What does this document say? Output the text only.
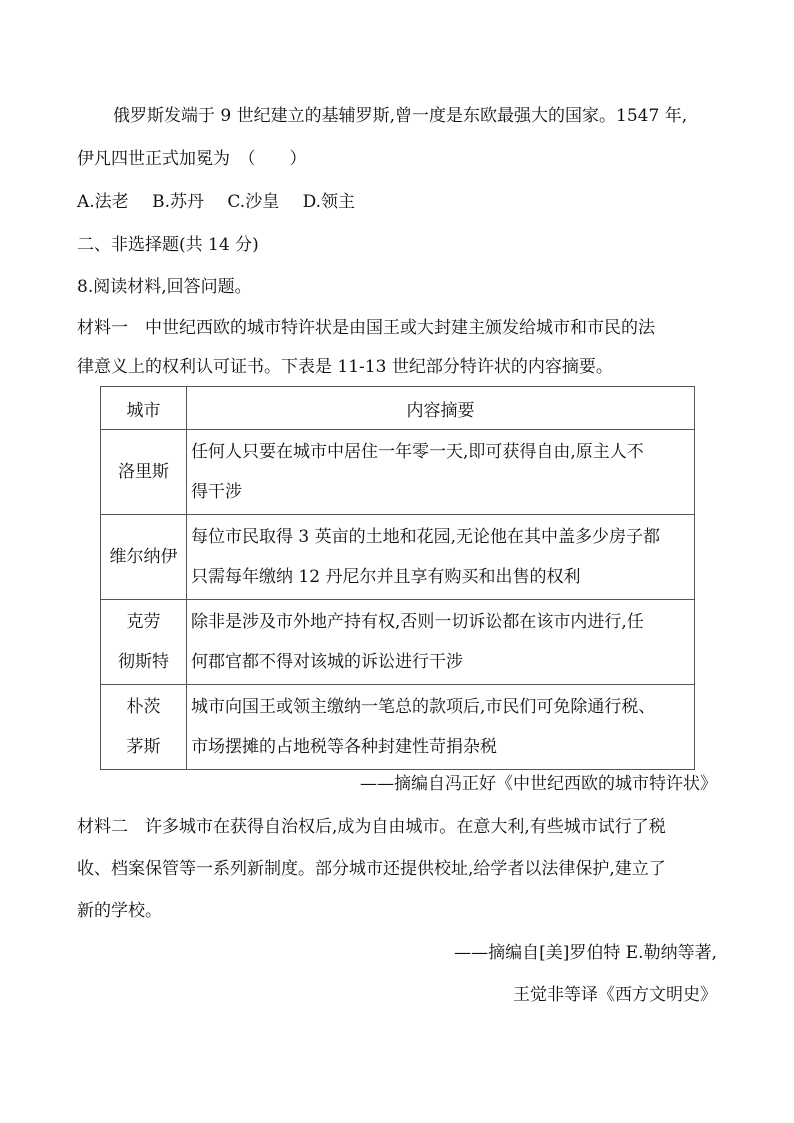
俄罗斯发端于 9 世纪建立的基辅罗斯,曾一度是东欧最强大的国家。1547 年,
伊凡四世正式加冕为　（　　）
A.法老 B.苏丹 C.沙皇 D.领主
二、非选择题(共 14 分)
8.阅读材料,回答问题。
材料一　中世纪西欧的城市特许状是由国王或大封建主颁发给城市和市民的法
律意义上的权利认可证书。下表是 11-13 世纪部分特许状的内容摘要。
城市	内容摘要

洛里斯	任何人只要在城市中居住一年零一天,即可获得自由,原主人不
得干涉

维尔纳伊	每位市民取得 3 英亩的土地和花园,无论他在其中盖多少房子都
只需每年缴纳 12 丹尼尔并且享有购买和出售的权利

克劳
彻斯特	除非是涉及市外地产持有权,否则一切诉讼都在该市内进行,任
何郡官都不得对该城的诉讼进行干涉

朴茨
茅斯	城市向国王或领主缴纳一笔总的款项后,市民们可免除通行税、
市场摆摊的占地税等各种封建性苛捐杂税
——摘编自冯正好《中世纪西欧的城市特许状》
材料二　许多城市在获得自治权后,成为自由城市。在意大利,有些城市试行了税
收、档案保管等一系列新制度。部分城市还提供校址,给学者以法律保护,建立了
新的学校。
——摘编自[美]罗伯特 E.勒纳等著,
王觉非等译《西方文明史》
